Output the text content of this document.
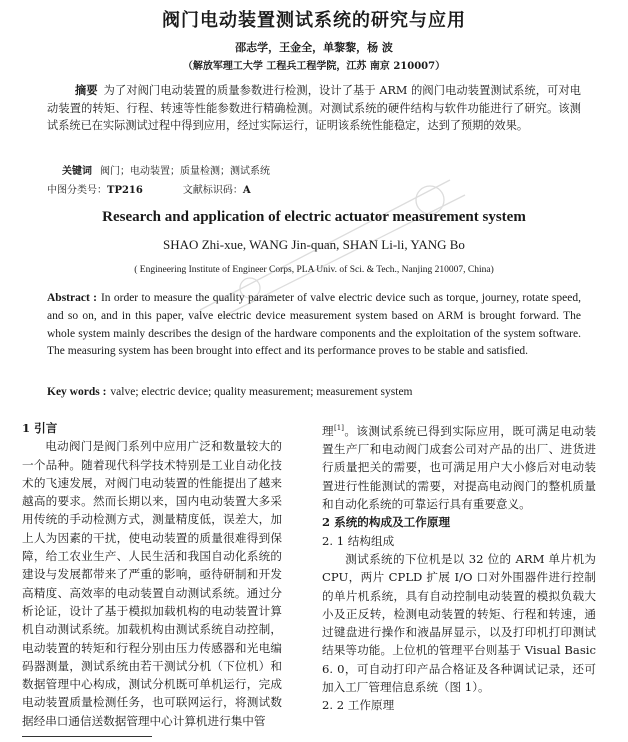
阀门电动装置测试系统的研究与应用
邵志学，王金全，单黎黎，杨 波
（解放军理工大学 工程兵工程学院，江苏 南京 210007）
摘要 为了对阀门电动装置的质量参数进行检测，设计了基于 ARM 的阀门电动装置测试系统，可对电动装置的转矩、行程、转速等性能参数进行精确检测。对测试系统的硬件结构与软件功能进行了研究。该测试系统已在实际测试过程中得到应用，经过实际运行，证明该系统性能稳定，达到了预期的效果。
关键词 阀门；电动装置；质量检测；测试系统
中图分类号：TP216	文献标识码：A
Research and application of electric actuator measurement system
SHAO Zhi-xue, WANG Jin-quan, SHAN Li-li, YANG Bo
( Engineering Institute of Engineer Corps, PLA Univ. of Sci. & Tech., Nanjing 210007, China)
Abstract : In order to measure the quality parameter of valve electric device such as torque, journey, rotate speed, and so on, and in this paper, valve electric device measurement system based on ARM is brought forward. The whole system mainly describes the design of the hardware components and the exploitation of the system software. The measuring system has been brought into effect and its performance proves to be stable and satisfied.
Key words : valve; electric device; quality measurement; measurement system
1 引言

电动阀门是阀门系列中应用广泛和数量较大的一个品种。随着现代科学技术特别是工业自动化技术的飞速发展，对阀门电动装置的性能提出了越来越高的要求。然而长期以来，国内电动装置大多采用传统的手动检测方式，测量精度低，误差大，加上人为因素的干扰，使电动装置的质量很难得到保障，给工农业生产、人民生活和我国自动化系统的建设与发展都带来了严重的影响，亟待研制和开发高精度、高效率的电动装置自动测试系统。通过分析论证，设计了基于模拟加载机构的电动装置计算机自动测试系统。加载机构由测试系统自动控制，电动装置的转矩和行程分别由压力传感器和光电编码器测量，测试系统由若干测试分机（下位机）和数据管理中心构成，测试分机既可单机运行，完成电动装置质量检测任务，也可联网运行，将测试数据经串口通信送数据管理中心计算机进行集中管

理[1]。该测试系统已得到实际应用，既可满足电动装置生产厂和电动阀门成套公司对产品的出厂、进货进行质量把关的需要，也可满足用户大小修后对电动装置进行性能测试的需要，对提高电动阀门的整机质量和自动化系统的可靠运行具有重要意义。

2 系统的构成及工作原理
2. 1 结构组成

测试系统的下位机是以 32 位的 ARM 单片机为 CPU，两片 CPLD 扩展 I/O 口对外围器件进行控制的单片机系统，具有自动控制电动装置的模拟负载大小及正反转，检测电动装置的转矩、行程和转速，通过键盘进行操作和液晶屏显示，以及打印机打印测试结果等功能。上位机的管理平台则基于 Visual Basic 6. 0，可自动打印产品合格证及各种调试记录，还可加入工厂管理信息系统（图 1）。

2. 2 工作原理
